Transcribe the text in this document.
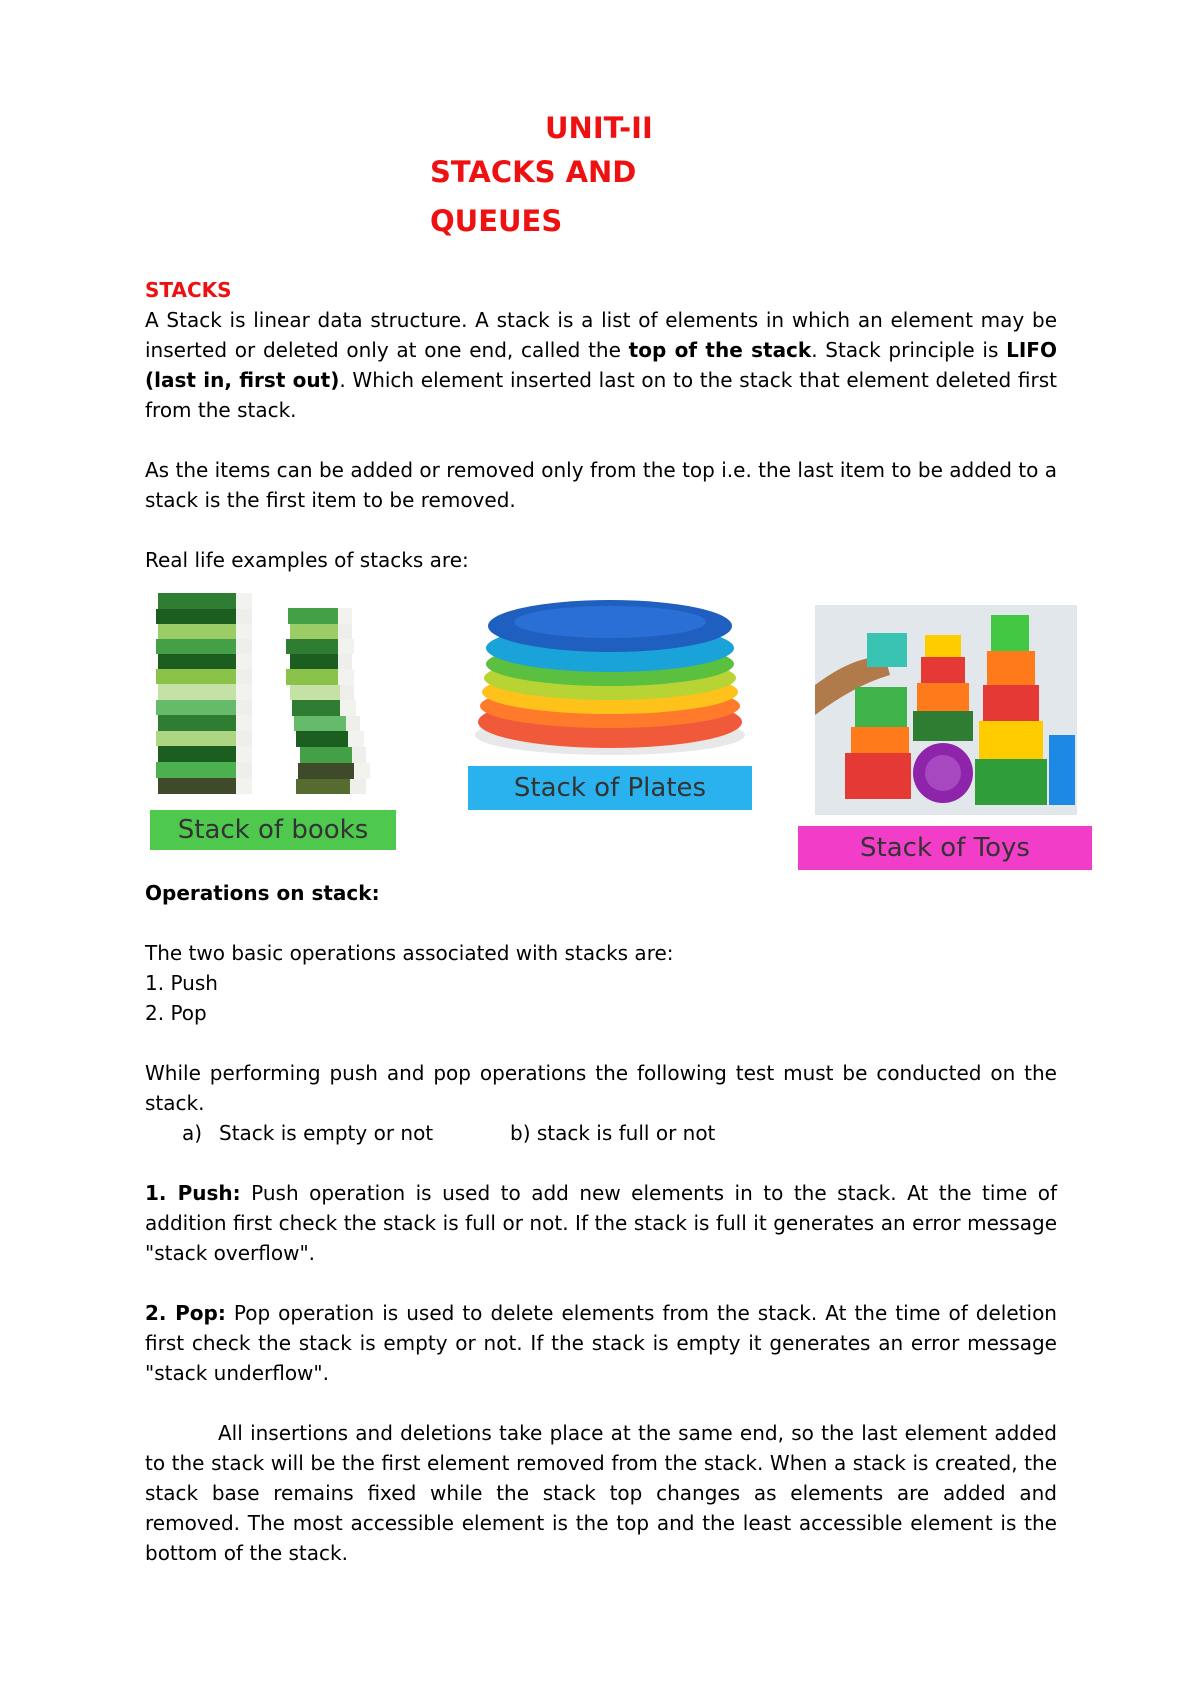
UNIT-II
STACKS AND
QUEUES
STACKS
A Stack is linear data structure. A stack is a list of elements in which an element may be inserted or deleted only at one end, called the top of the stack. Stack principle is LIFO (last in, first out). Which element inserted last on to the stack that element deleted first from the stack.
As the items can be added or removed only from the top i.e. the last item to be added to a stack is the first item to be removed.
Real life examples of stacks are:
Stack of books
Stack of Plates
Stack of Toys
Operations on stack:
The two basic operations associated with stacks are:
1. Push
2. Pop
While performing push and pop operations the following test must be conducted on the stack.
a) Stack is empty or not	b) stack is full or not
1. Push: Push operation is used to add new elements in to the stack. At the time of addition first check the stack is full or not. If the stack is full it generates an error message "stack overflow".
2. Pop: Pop operation is used to delete elements from the stack. At the time of deletion first check the stack is empty or not. If the stack is empty it generates an error message "stack underflow".
All insertions and deletions take place at the same end, so the last element added to the stack will be the first element removed from the stack. When a stack is created, the stack base remains fixed while the stack top changes as elements are added and removed. The most accessible element is the top and the least accessible element is the bottom of the stack.
